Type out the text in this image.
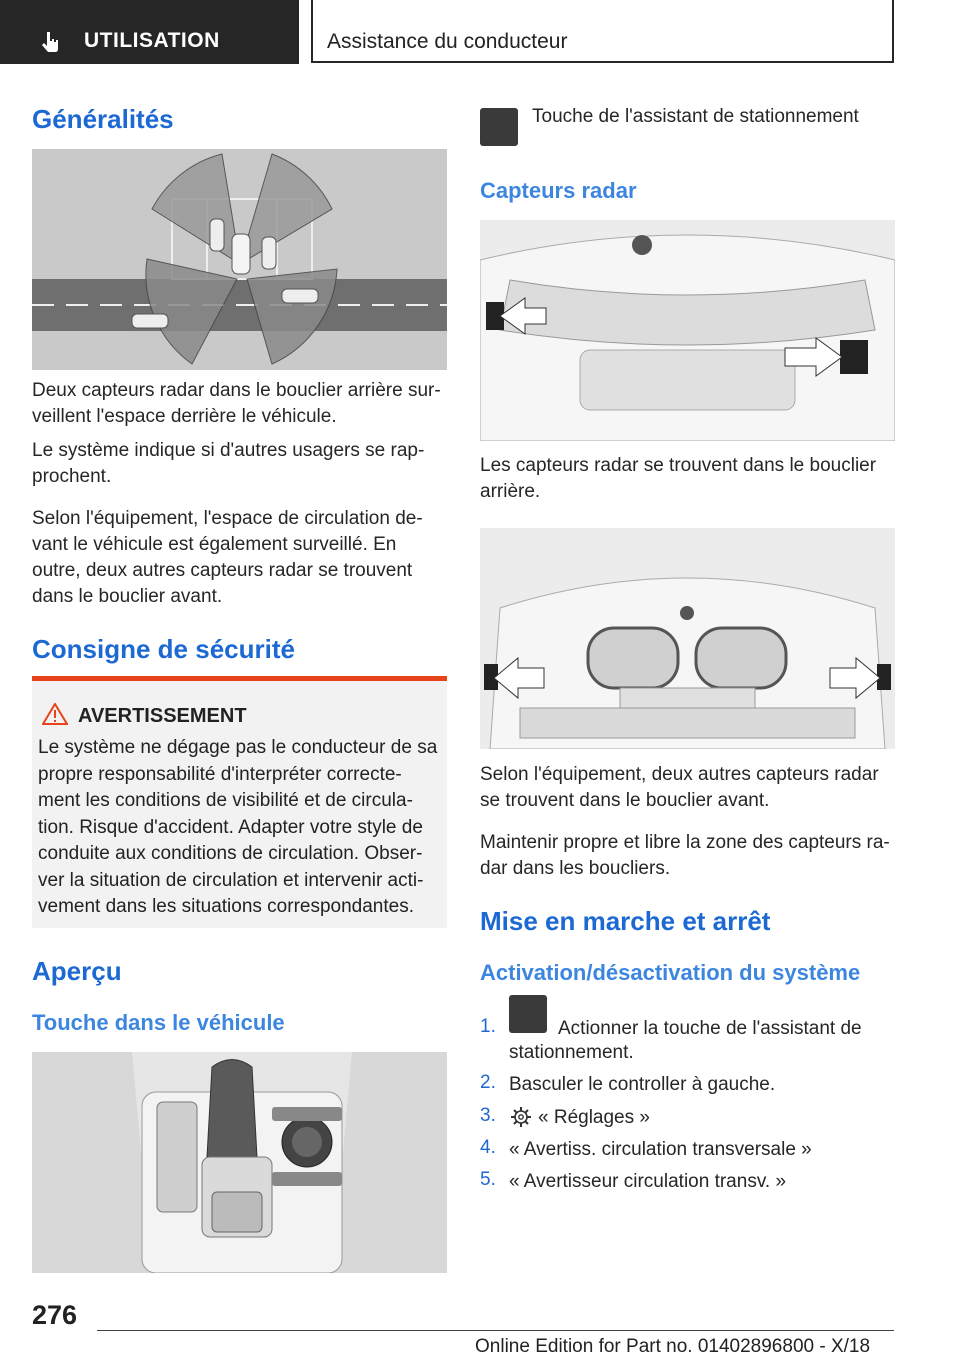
UTILISATION	Assistance du conducteur
Généralités

Deux capteurs radar dans le bouclier arrière sur-veillent l'espace derrière le véhicule.

Le système indique si d'autres usagers se rap-prochent.

Selon l'équipement, l'espace de circulation de-vant le véhicule est également surveillé. En outre, deux autres capteurs radar se trouvent dans le bouclier avant.

Consigne de sécurité
AVERTISSEMENT

Le système ne dégage pas le conducteur de sa propre responsabilité d'interpréter correcte-ment les conditions de visibilité et de circula-tion. Risque d'accident. Adapter votre style de conduite aux conditions de circulation. Obser-ver la situation de circulation et intervenir acti-vement dans les situations correspondantes.

Aperçu
Touche dans le véhicule
Touche de l'assistant de stationnement
Capteurs radar

Les capteurs radar se trouvent dans le bouclier arrière.

Selon l'équipement, deux autres capteurs radar se trouvent dans le bouclier avant.

Maintenir propre et libre la zone des capteurs ra-dar dans les boucliers.

Mise en marche et arrêt
Activation/désactivation du système
1.	Actionner la touche de l'assistant de
stationnement.
2. Basculer le controller à gauche.
3. « Réglages »
4. « Avertiss. circulation transversale »
5. « Avertisseur circulation transv. »
276
Online Edition for Part no. 01402896800 - X/18
